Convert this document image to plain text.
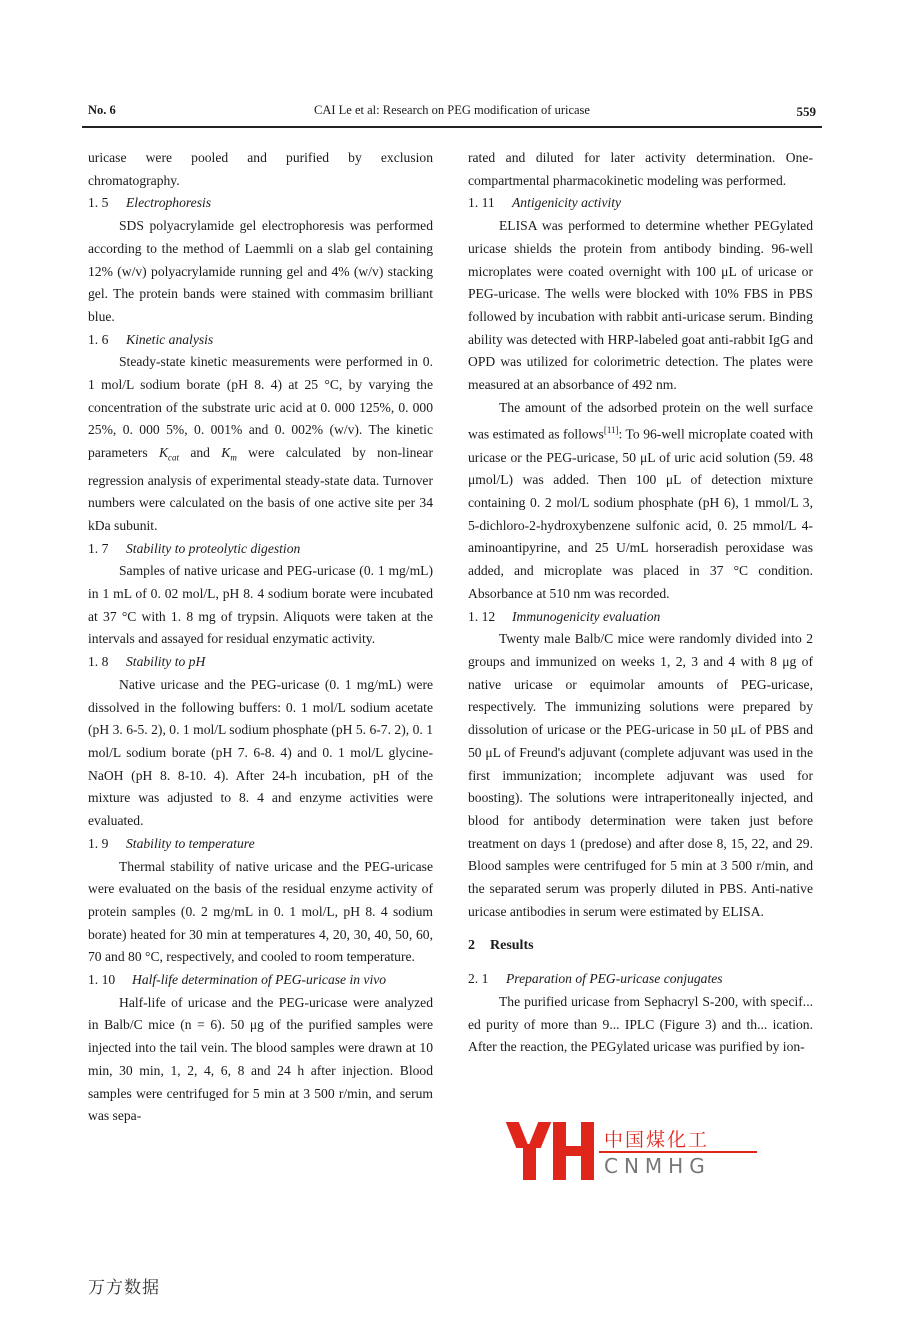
No. 6	CAI Le et al: Research on PEG modification of uricase	559

uricase were pooled and purified by exclusion chromatography.

1. 5 Electrophoresis

SDS polyacrylamide gel electrophoresis was performed according to the method of Laemmli on a slab gel containing 12% (w/v) polyacrylamide running gel and 4% (w/v) stacking gel. The protein bands were stained with commasim brilliant blue.

1. 6 Kinetic analysis

Steady-state kinetic measurements were performed in 0. 1 mol/L sodium borate (pH 8. 4) at 25 °C, by varying the concentration of the substrate uric acid at 0. 000 125%, 0. 000 25%, 0. 000 5%, 0. 001% and 0. 002% (w/v). The kinetic parameters $K_{cat}$ and $K_m$ were calculated by non-linear regression analysis of experimental steady-state data. Turnover numbers were calculated on the basis of one active site per 34 kDa subunit.

1. 7 Stability to proteolytic digestion

Samples of native uricase and PEG-uricase (0. 1 mg/mL) in 1 mL of 0. 02 mol/L, pH 8. 4 sodium borate were incubated at 37 °C with 1. 8 mg of trypsin. Aliquots were taken at the intervals and assayed for residual enzymatic activity.

1. 8 Stability to pH

Native uricase and the PEG-uricase (0. 1 mg/mL) were dissolved in the following buffers: 0. 1 mol/L sodium acetate (pH 3. 6-5. 2), 0. 1 mol/L sodium phosphate (pH 5. 6-7. 2), 0. 1 mol/L sodium borate (pH 7. 6-8. 4) and 0. 1 mol/L glycine-NaOH (pH 8. 8-10. 4). After 24-h incubation, pH of the mixture was adjusted to 8. 4 and enzyme activities were evaluated.

1. 9 Stability to temperature

Thermal stability of native uricase and the PEG-uricase were evaluated on the basis of the residual enzyme activity of protein samples (0. 2 mg/mL in 0. 1 mol/L, pH 8. 4 sodium borate) heated for 30 min at temperatures 4, 20, 30, 40, 50, 60, 70 and 80 °C, respectively, and cooled to room temperature.

1. 10 Half-life determination of PEG-uricase in vivo

Half-life of uricase and the PEG-uricase were analyzed in Balb/C mice (n = 6). 50 μg of the purified samples were injected into the tail vein. The blood samples were drawn at 10 min, 30 min, 1, 2, 4, 6, 8 and 24 h after injection. Blood samples were centrifuged for 5 min at 3 500 r/min, and serum was sepa-

rated and diluted for later activity determination. One-compartmental pharmacokinetic modeling was performed.

1. 11 Antigenicity activity

ELISA was performed to determine whether PEGylated uricase shields the protein from antibody binding. 96-well microplates were coated overnight with 100 μL of uricase or PEG-uricase. The wells were blocked with 10% FBS in PBS followed by incubation with rabbit anti-uricase serum. Binding ability was detected with HRP-labeled goat anti-rabbit IgG and OPD was utilized for colorimetric detection. The plates were measured at an absorbance of 492 nm.

The amount of the adsorbed protein on the well surface was estimated as follows[11]: To 96-well microplate coated with uricase or the PEG-uricase, 50 μL of uric acid solution (59. 48 μmol/L) was added. Then 100 μL of detection mixture containing 0. 2 mol/L sodium phosphate (pH 6), 1 mmol/L 3, 5-dichloro-2-hydroxybenzene sulfonic acid, 0. 25 mmol/L 4-aminoantipyrine, and 25 U/mL horseradish peroxidase was added, and microplate was placed in 37 °C condition. Absorbance at 510 nm was recorded.

1. 12 Immunogenicity evaluation

Twenty male Balb/C mice were randomly divided into 2 groups and immunized on weeks 1, 2, 3 and 4 with 8 μg of native uricase or equimolar amounts of PEG-uricase, respectively. The immunizing solutions were prepared by dissolution of uricase or the PEG-uricase in 50 μL of PBS and 50 μL of Freund's adjuvant (complete adjuvant was used in the first immunization; incomplete adjuvant was used for boosting). The solutions were intraperitoneally injected, and blood for antibody determination were taken just before treatment on days 1 (predose) and after dose 8, 15, 22, and 29. Blood samples were centrifuged for 5 min at 3 500 r/min, and the separated serum was properly diluted in PBS. Anti-native uricase antibodies in serum were estimated by ELISA.

2 Results
2. 1 Preparation of PEG-uricase conjugates

The purified uricase from Sephacryl S-200, with specif... ed purity of more than 9... IPLC (Figure 3) and th... ication. After the reaction, the PEGylated uricase was purified by ion-

中国煤化工
CNMHG
万方数据
